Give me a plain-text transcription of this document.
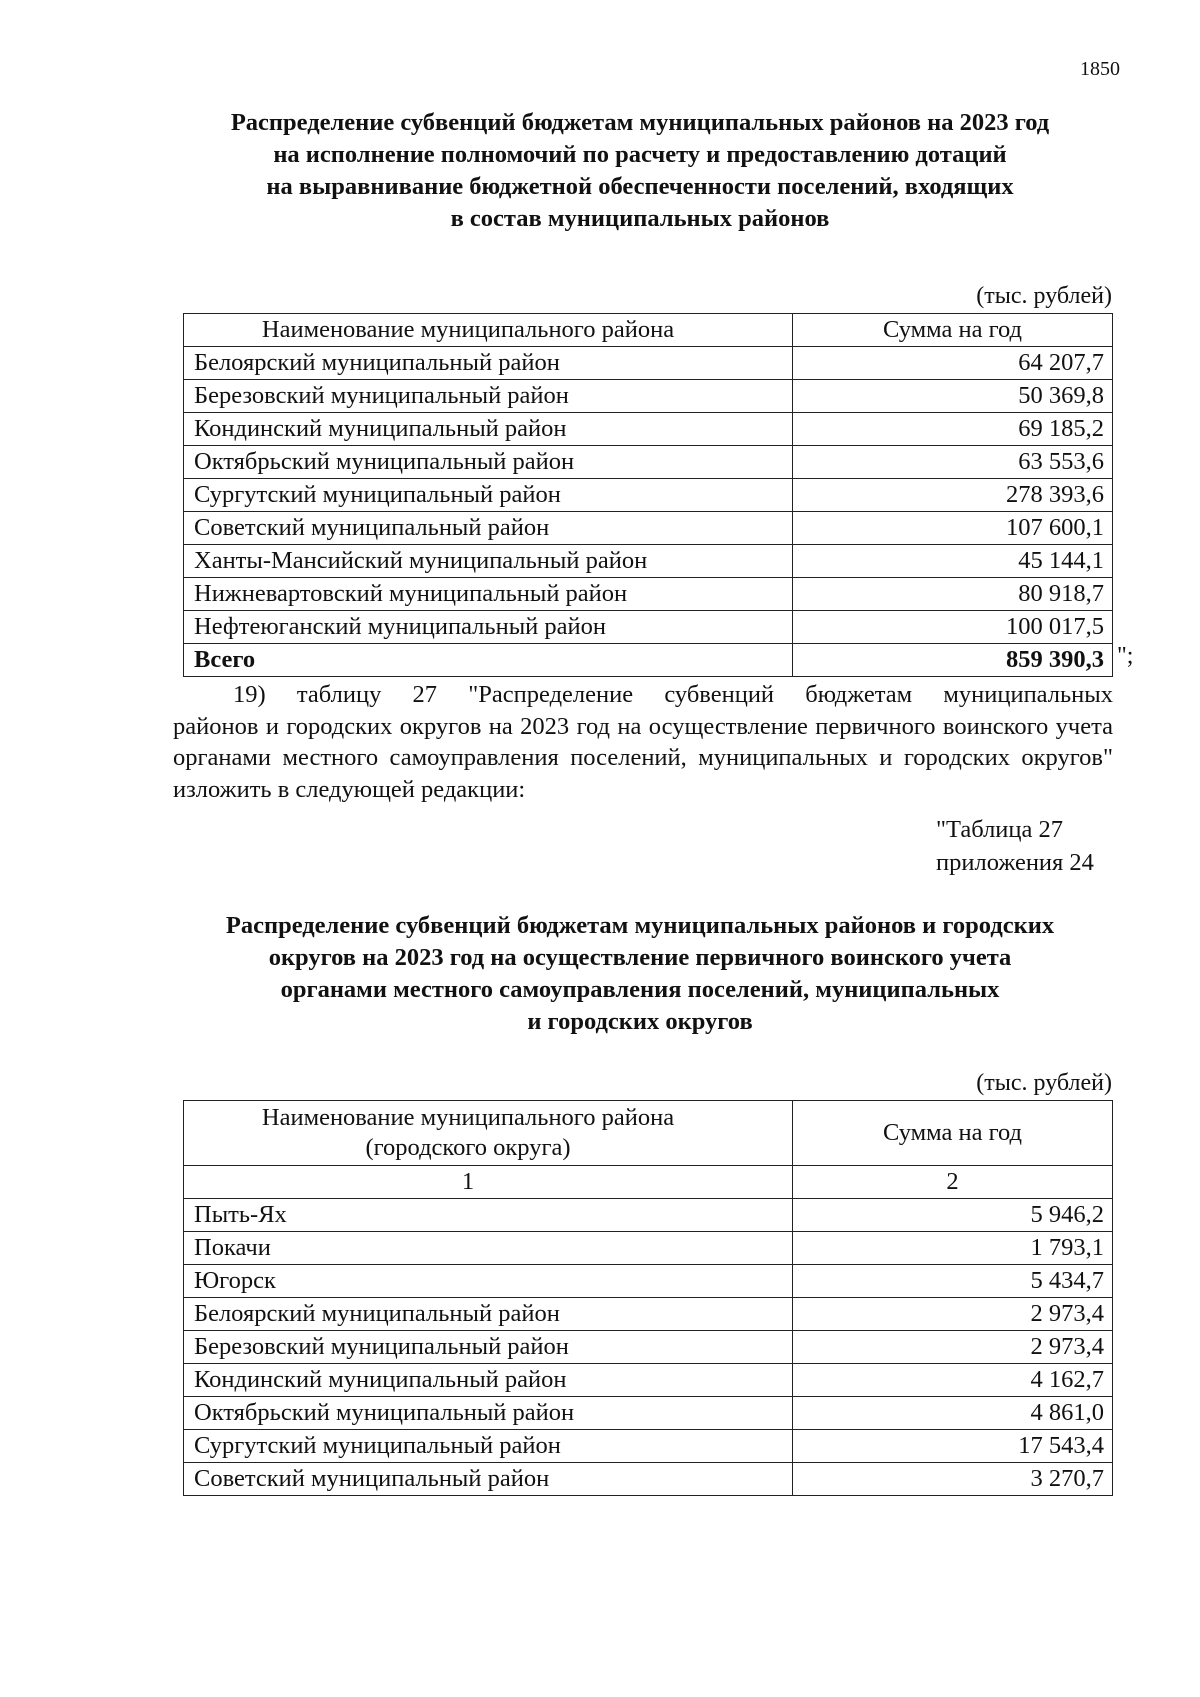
1850
Распределение субвенций бюджетам муниципальных районов на 2023 год
на исполнение полномочий по расчету и предоставлению дотаций
на выравнивание бюджетной обеспеченности поселений, входящих
в состав муниципальных районов
(тыс. рублей)
Наименование муниципального района	Сумма на год
Белоярский муниципальный район	64 207,7
Березовский муниципальный район	50 369,8
Кондинский муниципальный район	69 185,2
Октябрьский муниципальный район	63 553,6
Сургутский муниципальный район	278 393,6
Советский муниципальный район	107 600,1
Ханты-Мансийский муниципальный район	45 144,1
Нижневартовский муниципальный район	80 918,7
Нефтеюганский муниципальный район	100 017,5
Всего	859 390,3 ";

19) таблицу 27 "Распределение субвенций бюджетам муниципальных

районов и городских округов на 2023 год на осуществление первичного воинского учета органами местного самоуправления поселений, муниципальных и городских округов" изложить в следующей редакции:

"Таблица 27
приложения 24
Распределение субвенций бюджетам муниципальных районов и городских
округов на 2023 год на осуществление первичного воинского учета
органами местного самоуправления поселений, муниципальных
и городских округов
(тыс. рублей)
Наименование муниципального района
(городского округа)	Сумма на год
1	2
Пыть-Ях	5 946,2
Покачи	1 793,1
Югорск	5 434,7
Белоярский муниципальный район	2 973,4
Березовский муниципальный район	2 973,4
Кондинский муниципальный район	4 162,7
Октябрьский муниципальный район	4 861,0
Сургутский муниципальный район	17 543,4
Советский муниципальный район	3 270,7
